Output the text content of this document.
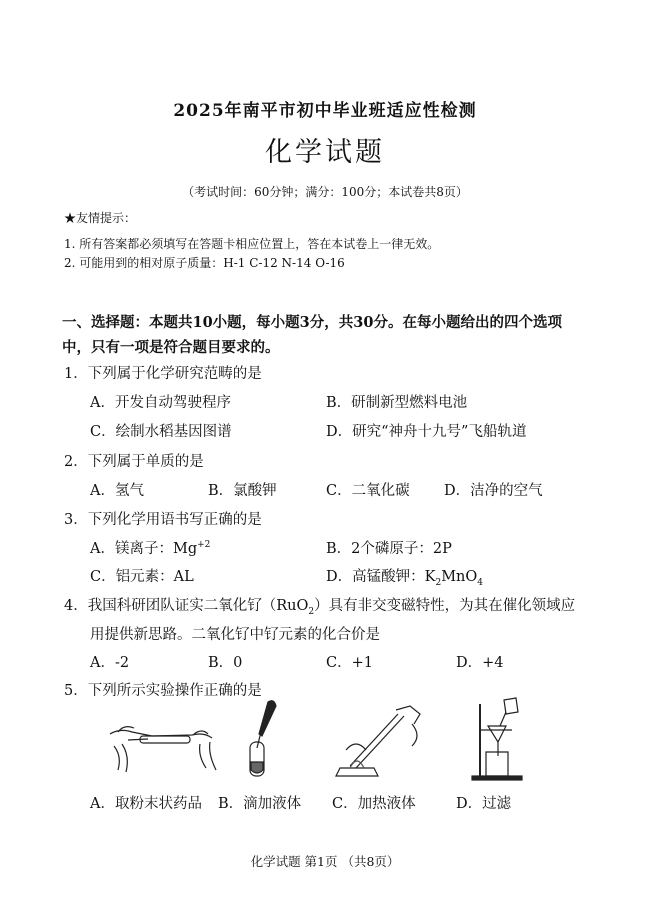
2025年南平市初中毕业班适应性检测
化学试题
（考试时间：60分钟；满分：100分；本试卷共8页）
★友情提示：
1. 所有答案都必须填写在答题卡相应位置上，答在本试卷上一律无效。
2. 可能用到的相对原子质量：H-1 C-12 N-14 O-16
一、选择题：本题共10小题，每小题3分，共30分。在每小题给出的四个选项
中，只有一项是符合题目要求的。
1．下列属于化学研究范畴的是
A．开发自动驾驶程序	B．研制新型燃料电池
C．绘制水稻基因图谱	D．研究“神舟十九号”飞船轨道
2．下列属于单质的是
A．氢气	B．氯酸钾	C．二氧化碳 D．洁净的空气
3．下列化学用语书写正确的是
A．镁离子：$Mg^{+2}$	B．2个磷原子：2P
C．铝元素：AL	D．高锰酸钾：$K_2MnO_4$
4．我国科研团队证实二氧化钌（RuO$_2$）具有非交变磁特性，为其在催化领域应
用提供新思路。二氧化钌中钌元素的化合价是
A．-2	B．0	C．+1	D．+4
5．下列所示实验操作正确的是
A．取粉末状药品 B．滴加液体 C．加热液体	D．过滤
化学试题 第1页 （共8页）
